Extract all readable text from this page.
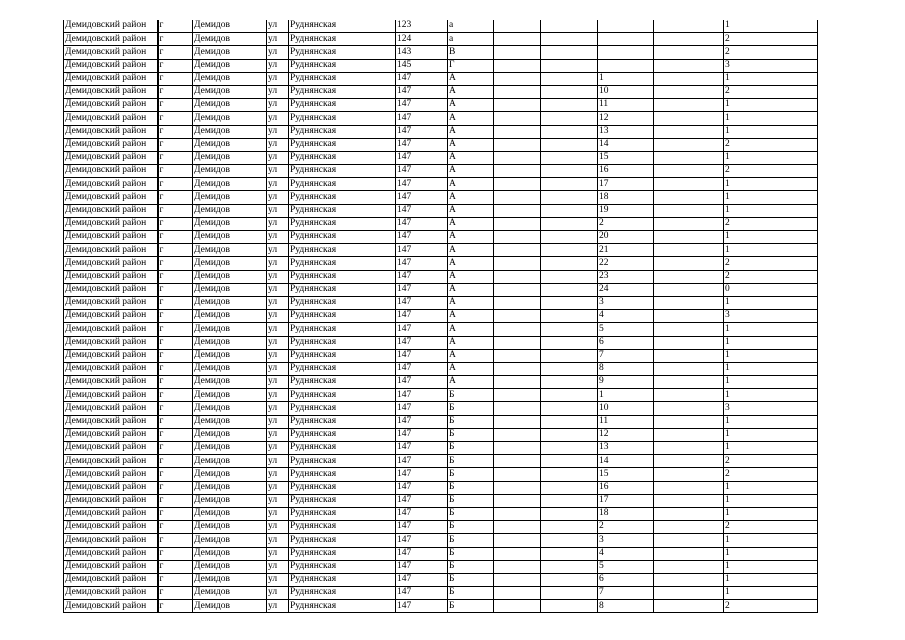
Демидовский район	г	Демидов	ул	Руднянская	123	а					1
Демидовский район	г	Демидов	ул	Руднянская	124	а					2
Демидовский район	г	Демидов	ул	Руднянская	143	В					2
Демидовский район	г	Демидов	ул	Руднянская	145	Г					3
Демидовский район	г	Демидов	ул	Руднянская	147	А			1		1
Демидовский район	г	Демидов	ул	Руднянская	147	А			10		2
Демидовский район	г	Демидов	ул	Руднянская	147	А			11		1
Демидовский район	г	Демидов	ул	Руднянская	147	А			12		1
Демидовский район	г	Демидов	ул	Руднянская	147	А			13		1
Демидовский район	г	Демидов	ул	Руднянская	147	А			14		2
Демидовский район	г	Демидов	ул	Руднянская	147	А			15		1
Демидовский район	г	Демидов	ул	Руднянская	147	А			16		2
Демидовский район	г	Демидов	ул	Руднянская	147	А			17		1
Демидовский район	г	Демидов	ул	Руднянская	147	А			18		1
Демидовский район	г	Демидов	ул	Руднянская	147	А			19		1
Демидовский район	г	Демидов	ул	Руднянская	147	А			2		2
Демидовский район	г	Демидов	ул	Руднянская	147	А			20		1
Демидовский район	г	Демидов	ул	Руднянская	147	А			21		1
Демидовский район	г	Демидов	ул	Руднянская	147	А			22		2
Демидовский район	г	Демидов	ул	Руднянская	147	А			23		2
Демидовский район	г	Демидов	ул	Руднянская	147	А			24		0
Демидовский район	г	Демидов	ул	Руднянская	147	А			3		1
Демидовский район	г	Демидов	ул	Руднянская	147	А			4		3
Демидовский район	г	Демидов	ул	Руднянская	147	А			5		1
Демидовский район	г	Демидов	ул	Руднянская	147	А			6		1
Демидовский район	г	Демидов	ул	Руднянская	147	А			7		1
Демидовский район	г	Демидов	ул	Руднянская	147	А			8		1
Демидовский район	г	Демидов	ул	Руднянская	147	А			9		1
Демидовский район	г	Демидов	ул	Руднянская	147	Б			1		1
Демидовский район	г	Демидов	ул	Руднянская	147	Б			10		3
Демидовский район	г	Демидов	ул	Руднянская	147	Б			11		1
Демидовский район	г	Демидов	ул	Руднянская	147	Б			12		1
Демидовский район	г	Демидов	ул	Руднянская	147	Б			13		1
Демидовский район	г	Демидов	ул	Руднянская	147	Б			14		2
Демидовский район	г	Демидов	ул	Руднянская	147	Б			15		2
Демидовский район	г	Демидов	ул	Руднянская	147	Б			16		1
Демидовский район	г	Демидов	ул	Руднянская	147	Б			17		1
Демидовский район	г	Демидов	ул	Руднянская	147	Б			18		1
Демидовский район	г	Демидов	ул	Руднянская	147	Б			2		2
Демидовский район	г	Демидов	ул	Руднянская	147	Б			3		1
Демидовский район	г	Демидов	ул	Руднянская	147	Б			4		1
Демидовский район	г	Демидов	ул	Руднянская	147	Б			5		1
Демидовский район	г	Демидов	ул	Руднянская	147	Б			6		1
Демидовский район	г	Демидов	ул	Руднянская	147	Б			7		1
Демидовский район	г	Демидов	ул	Руднянская	147	Б			8		2
